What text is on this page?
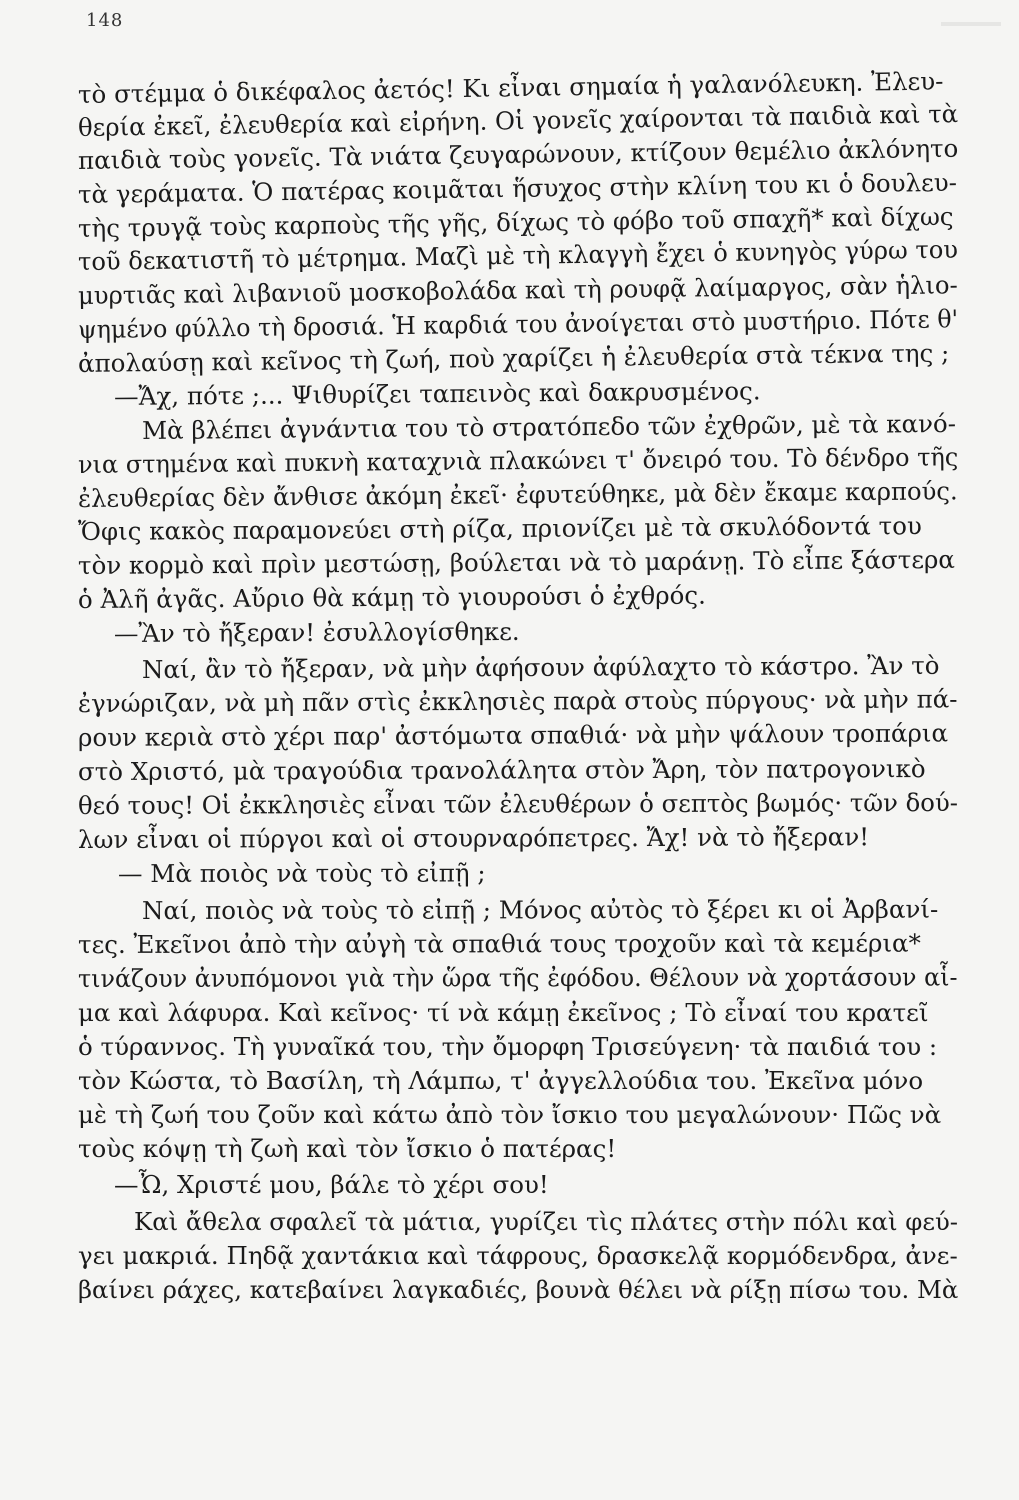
148
τὸ στέμμα ὁ δικέφαλος ἀετός! Κι εἶναι σημαία ἡ γαλανόλευκη. Ἐλευ-
θερία ἐκεῖ, ἐλευθερία καὶ εἰρήνη. Οἱ γονεῖς χαίρονται τὰ παιδιὰ καὶ τὰ
παιδιὰ τοὺς γονεῖς. Τὰ νιάτα ζευγαρώνουν, κτίζουν θεμέλιο ἀκλόνητο
τὰ γεράματα. Ὁ πατέρας κοιμᾶται ἥσυχος στὴν κλίνη του κι ὁ δουλευ-
τὴς τρυγᾷ τοὺς καρποὺς τῆς γῆς, δίχως τὸ φόβο τοῦ σπαχῆ* καὶ δίχως
τοῦ δεκατιστῆ τὸ μέτρημα. Μαζὶ μὲ τὴ κλαγγὴ ἔχει ὁ κυνηγὸς γύρω του
μυρτιᾶς καὶ λιβανιοῦ μοσκοβολάδα καὶ τὴ ρουφᾷ λαίμαργος, σὰν ἡλιο-
ψημένο φύλλο τὴ δροσιά. Ἡ καρδιά του ἀνοίγεται στὸ μυστήριο. Πότε θ'
ἀπολαύσῃ καὶ κεῖνος τὴ ζωή, ποὺ χαρίζει ἡ ἐλευθερία στὰ τέκνα της ;
—Ἄχ, πότε ;... Ψιθυρίζει ταπεινὸς καὶ δακρυσμένος.
Μὰ βλέπει ἀγνάντια του τὸ στρατόπεδο τῶν ἐχθρῶν, μὲ τὰ κανό-
νια στημένα καὶ πυκνὴ καταχνιὰ πλακώνει τ' ὄνειρό του. Τὸ δένδρο τῆς
ἐλευθερίας δὲν ἄνθισε ἀκόμη ἐκεῖ· ἐφυτεύθηκε, μὰ δὲν ἔκαμε καρπούς.
Ὄφις κακὸς παραμονεύει στὴ ρίζα, πριονίζει μὲ τὰ σκυλόδοντά του
τὸν κορμὸ καὶ πρὶν μεστώσῃ, βούλεται νὰ τὸ μαράνῃ. Τὸ εἶπε ξάστερα
ὁ Ἀλῆ ἀγᾶς. Αὔριο θὰ κάμῃ τὸ γιουρούσι ὁ ἐχθρός.
—Ἂν τὸ ἤξεραν! ἐσυλλογίσθηκε.
Ναί, ἂν τὸ ἤξεραν, νὰ μὴν ἀφήσουν ἀφύλαχτο τὸ κάστρο. Ἂν τὸ
ἐγνώριζαν, νὰ μὴ πᾶν στὶς ἐκκλησιὲς παρὰ στοὺς πύργους· νὰ μὴν πά-
ρουν κεριὰ στὸ χέρι παρ' ἀστόμωτα σπαθιά· νὰ μὴν ψάλουν τροπάρια
στὸ Χριστό, μὰ τραγούδια τρανολάλητα στὸν Ἄρη, τὸν πατρογονικὸ
θεό τους! Οἱ ἐκκλησιὲς εἶναι τῶν ἐλευθέρων ὁ σεπτὸς βωμός· τῶν δού-
λων εἶναι οἱ πύργοι καὶ οἱ στουρναρόπετρες. Ἄχ! νὰ τὸ ἤξεραν!
— Μὰ ποιὸς νὰ τοὺς τὸ εἰπῇ ;
Ναί, ποιὸς νὰ τοὺς τὸ εἰπῇ ; Μόνος αὐτὸς τὸ ξέρει κι οἱ Ἀρβανί-
τες. Ἐκεῖνοι ἀπὸ τὴν αὐγὴ τὰ σπαθιά τους τροχοῦν καὶ τὰ κεμέρια*
τινάζουν ἀνυπόμονοι γιὰ τὴν ὥρα τῆς ἐφόδου. Θέλουν νὰ χορτάσουν αἷ-
μα καὶ λάφυρα. Καὶ κεῖνος· τί νὰ κάμῃ ἐκεῖνος ; Τὸ εἶναί του κρατεῖ
ὁ τύραννος. Τὴ γυναῖκά του, τὴν ὄμορφη Τρισεύγενη· τὰ παιδιά του :
τὸν Κώστα, τὸ Βασίλη, τὴ Λάμπω, τ' ἀγγελλούδια του. Ἐκεῖνα μόνο
μὲ τὴ ζωή του ζοῦν καὶ κάτω ἀπὸ τὸν ἴσκιο του μεγαλώνουν· Πῶς νὰ
τοὺς κόψῃ τὴ ζωὴ καὶ τὸν ἴσκιο ὁ πατέρας!
—Ὦ, Χριστέ μου, βάλε τὸ χέρι σου!
Καὶ ἄθελα σφαλεῖ τὰ μάτια, γυρίζει τὶς πλάτες στὴν πόλι καὶ φεύ-
γει μακριά. Πηδᾷ χαντάκια καὶ τάφρους, δρασκελᾷ κορμόδενδρα, ἀνε-
βαίνει ράχες, κατεβαίνει λαγκαδιές, βουνὰ θέλει νὰ ρίξῃ πίσω του. Μὰ
